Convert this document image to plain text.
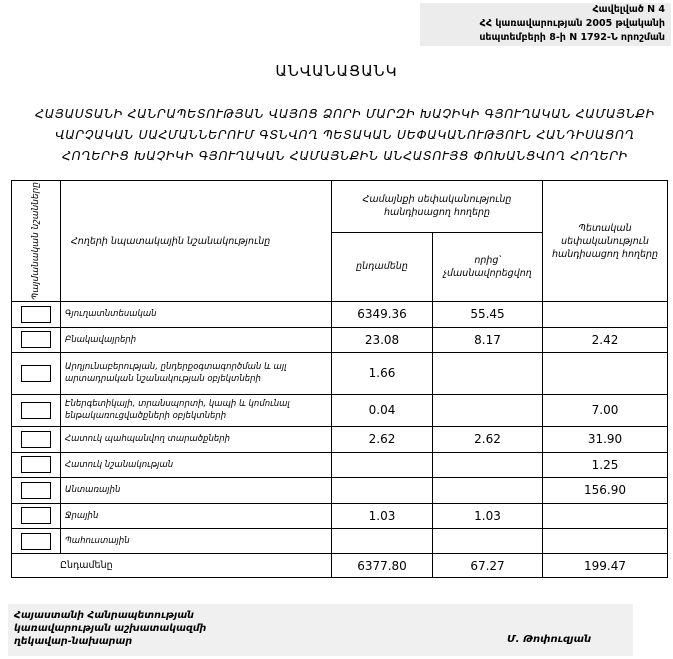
Հավելված N 4
ՀՀ կառավարության 2005 թվականի
սեպտեմբերի 8-ի N 1792-Ն որոշման
ԱՆՎԱՆԱՑԱՆԿ
ՀԱՅԱՍՏԱՆԻ ՀԱՆՐԱՊԵՏՈՒԹՅԱՆ ՎԱՅՈՑ ՁՈՐԻ ՄԱՐԶԻ ԽԱՉԻԿԻ ԳՅՈՒՂԱԿԱՆ ՀԱՄԱՅՆՔԻ
ՎԱՐՉԱԿԱՆ ՍԱՀՄԱՆՆԵՐՈՒՄ ԳՏՆՎՈՂ ՊԵՏԱԿԱՆ ՍԵՓԱԿԱՆՈՒԹՅՈՒՆ ՀԱՆԴԻՍԱՑՈՂ
ՀՈՂԵՐԻՑ ԽԱՉԻԿԻ ԳՅՈՒՂԱԿԱՆ ՀԱՄԱՅՆՔԻՆ ԱՆՀԱՏՈՒՅՑ ՓՈԽԱՆՑՎՈՂ ՀՈՂԵՐԻ
Պայմանական նշանները	Հողերի նպատակային նշանակությունը	Համայնքի սեփականությունը հանդիսացող հողերը		Պետական սեփականություն հանդիսացող հողերը
		ընդամենը	որից՝ չմասնավորեցվող	

	Գյուղատնտեսական	6349.36	55.45	

	Բնակավայրերի	23.08	8.17	2.42

	Արդյունաբերության, ընդերքօգտագործման և այլ արտադրական նշանակության օբյեկտների	1.66		

	Էներգետիկայի, տրանսպորտի, կապի և կոմունալ ենթակառուցվածքների օբյեկտների	0.04		7.00

	Հատուկ պահպանվող տարածքների	2.62	2.62	31.90

	Հատուկ նշանակության			1.25

	Անտառային			156.90

	Ջրային	1.03	1.03	

	Պահուստային			
Ընդամենը		6377.80	67.27	199.47
Հայաստանի Հանրապետության
կառավարության աշխատակազմի
ղեկավար-նախարար	Մ. Թոփուզյան
